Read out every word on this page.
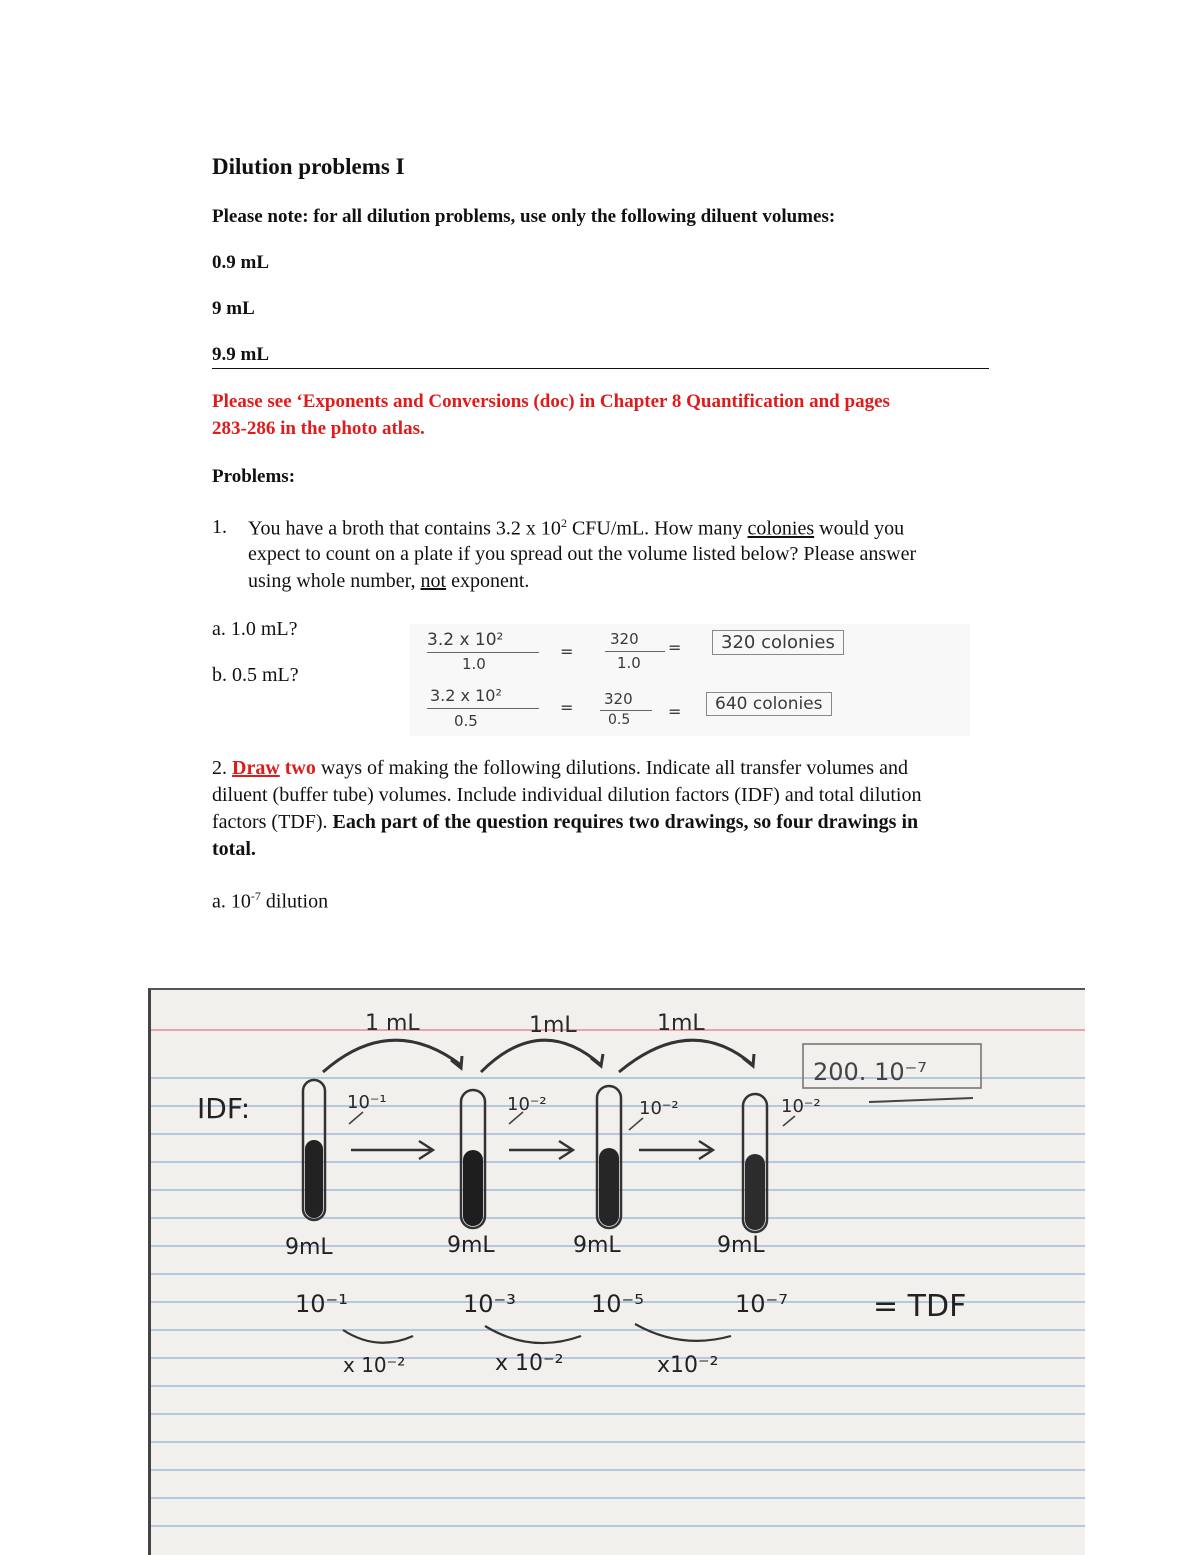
Dilution problems I
Please note: for all dilution problems, use only the following diluent volumes:
0.9 mL
9 mL
9.9 mL
Please see ‘Exponents and Conversions (doc) in Chapter 8 Quantification and pages
283-286 in the photo atlas.
Problems:
1. You have a broth that contains 3.2 x $10^2$ CFU/mL. How many colonies would you
expect to count on a plate if you spread out the volume listed below? Please answer
using whole number, not exponent.
a. 1.0 mL?
b. 0.5 mL?
3.2 x 10²
1.0
=
320
1.0
=	320 colonies
3.2 x 10²
0.5
= 320
0.5 =	640 colonies
2. Draw two ways of making the following dilutions. Indicate all transfer volumes and
diluent (buffer tube) volumes. Include individual dilution factors (IDF) and total dilution
factors (TDF). Each part of the question requires two drawings, so four drawings in
total.
a. $10^{-7}$ dilution
IDF:
1 mL	1mL	1mL
10⁻¹	10⁻²	10⁻²	10⁻²
9mL	9mL	9mL	9mL
10⁻¹	10⁻³	10⁻⁵	10⁻⁷
x 10⁻²	x 10⁻²	x10⁻²
= TDF
200. 10⁻⁷
